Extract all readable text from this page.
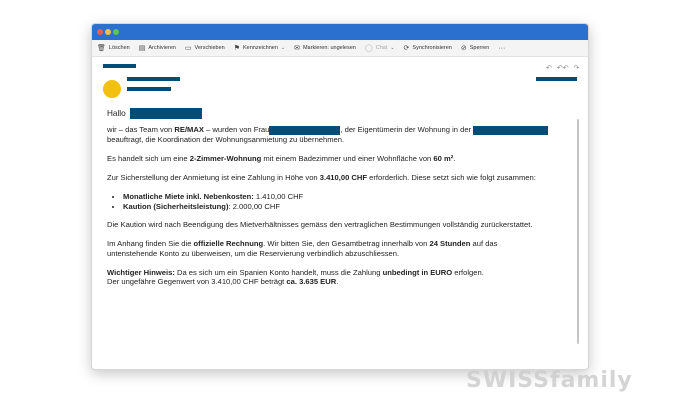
🗑 Löschen ▤ Archivieren ▭ Verschieben ⚑ Kennzeichnen ⌄ ✉ Markieren: ungelesen ◯ Chat ⌄ ⟳ Synchronisieren ⊘ Sperren ···
↶ ↶↶ ↷

Hallo

wir – das Team von RE/MAX – wurden von Frau	, der Eigentümerin der Wohnung in der
beauftragt, die Koordination der Wohnungsanmietung zu übernehmen.

Es handelt sich um eine 2-Zimmer-Wohnung mit einem Badezimmer und einer Wohnfläche von 60 m².

Zur Sicherstellung der Anmietung ist eine Zahlung in Höhe von 3.410,00 CHF erforderlich. Diese setzt sich wie folgt zusammen:

• Monatliche Miete inkl. Nebenkosten: 1.410,00 CHF
• Kaution (Sicherheitsleistung): 2.000,00 CHF

Die Kaution wird nach Beendigung des Mietverhältnisses gemäss den vertraglichen Bestimmungen vollständig zurückerstattet.

Im Anhang finden Sie die offizielle Rechnung. Wir bitten Sie, den Gesamtbetrag innerhalb von 24 Stunden auf das
untenstehende Konto zu überweisen, um die Reservierung verbindlich abzuschliessen.

Wichtiger Hinweis: Da es sich um ein Spanien Konto handelt, muss die Zahlung unbedingt in EURO erfolgen.
Der ungefähre Gegenwert von 3.410,00 CHF beträgt ca. 3.635 EUR.

SWISSfamily
